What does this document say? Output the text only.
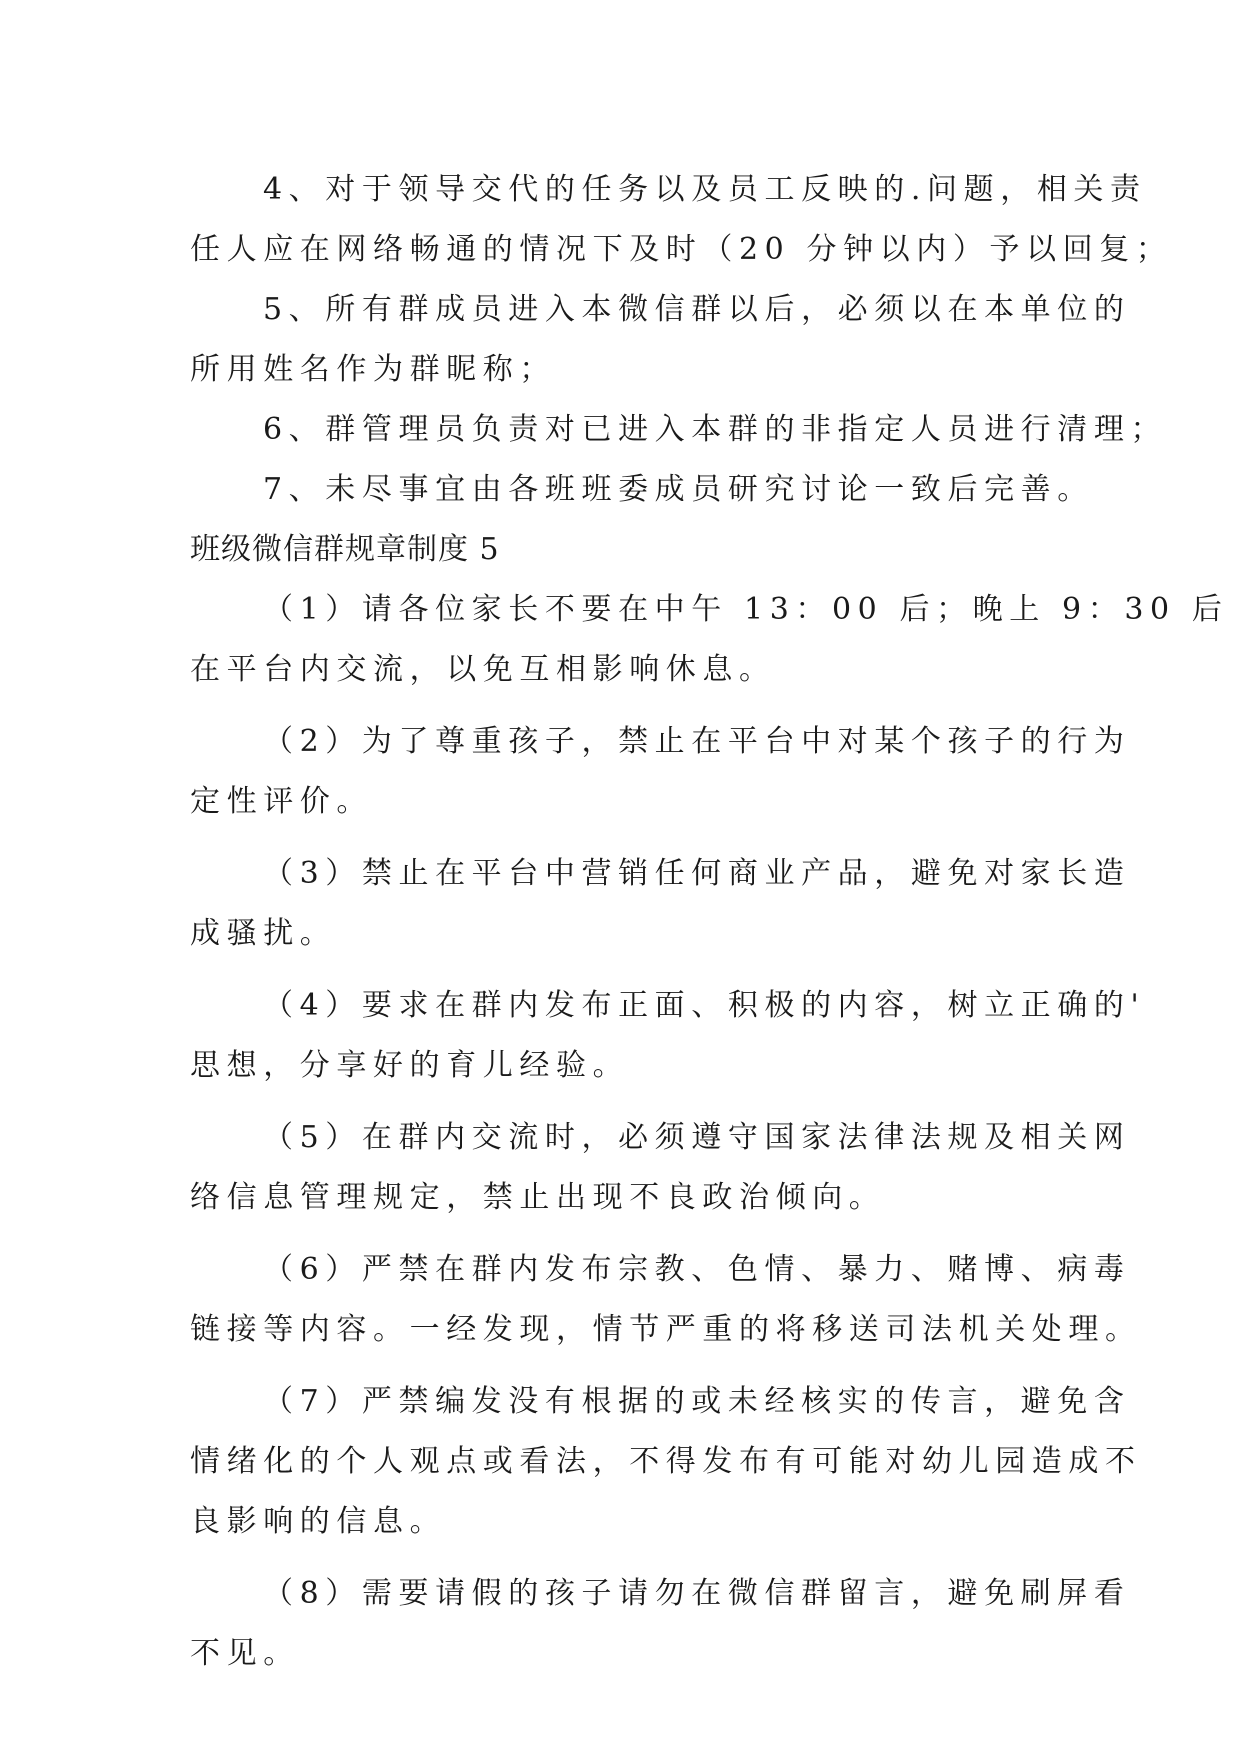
4、对于领导交代的任务以及员工反映的.问题，相关责
任人应在网络畅通的情况下及时（20 分钟以内）予以回复；
5、所有群成员进入本微信群以后，必须以在本单位的
所用姓名作为群昵称；
6、群管理员负责对已进入本群的非指定人员进行清理；
7、未尽事宜由各班班委成员研究讨论一致后完善。
班级微信群规章制度 5
（1）请各位家长不要在中午 13：00 后；晚上 9：30 后
在平台内交流，以免互相影响休息。
（2）为了尊重孩子，禁止在平台中对某个孩子的行为
定性评价。
（3）禁止在平台中营销任何商业产品，避免对家长造
成骚扰。
（4）要求在群内发布正面、积极的内容，树立正确的'
思想，分享好的育儿经验。
（5）在群内交流时，必须遵守国家法律法规及相关网
络信息管理规定，禁止出现不良政治倾向。
（6）严禁在群内发布宗教、色情、暴力、赌博、病毒
链接等内容。一经发现，情节严重的将移送司法机关处理。
（7）严禁编发没有根据的或未经核实的传言，避免含
情绪化的个人观点或看法，不得发布有可能对幼儿园造成不
良影响的信息。
（8）需要请假的孩子请勿在微信群留言，避免刷屏看
不见。
